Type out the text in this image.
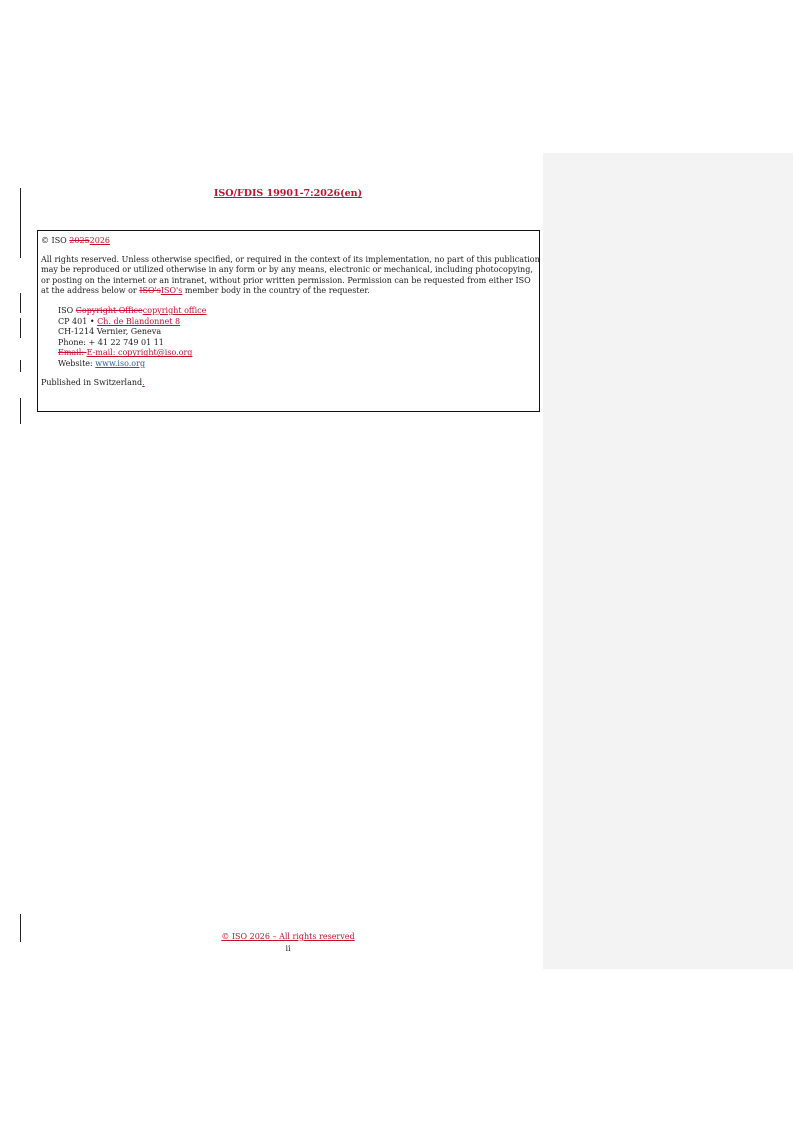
ISO/FDIS 19901-7:2026(en)
© ISO 20252026
All rights reserved. Unless otherwise specified, or required in the context of its implementation, no part of this publication
may be reproduced or utilized otherwise in any form or by any means, electronic or mechanical, including photocopying,
or posting on the internet or an intranet, without prior written permission. Permission can be requested from either ISO
at the address below or ISO'sISO's member body in the country of the requester.
ISO Copyright Officecopyright office
CP 401 • Ch. de Blandonnet 8
CH-1214 Vernier, Geneva
Phone: + 41 22 749 01 11
Email: E-mail: copyright@iso.org
Website: www.iso.org
Published in Switzerland.
© ISO 2026 – All rights reserved
ii
